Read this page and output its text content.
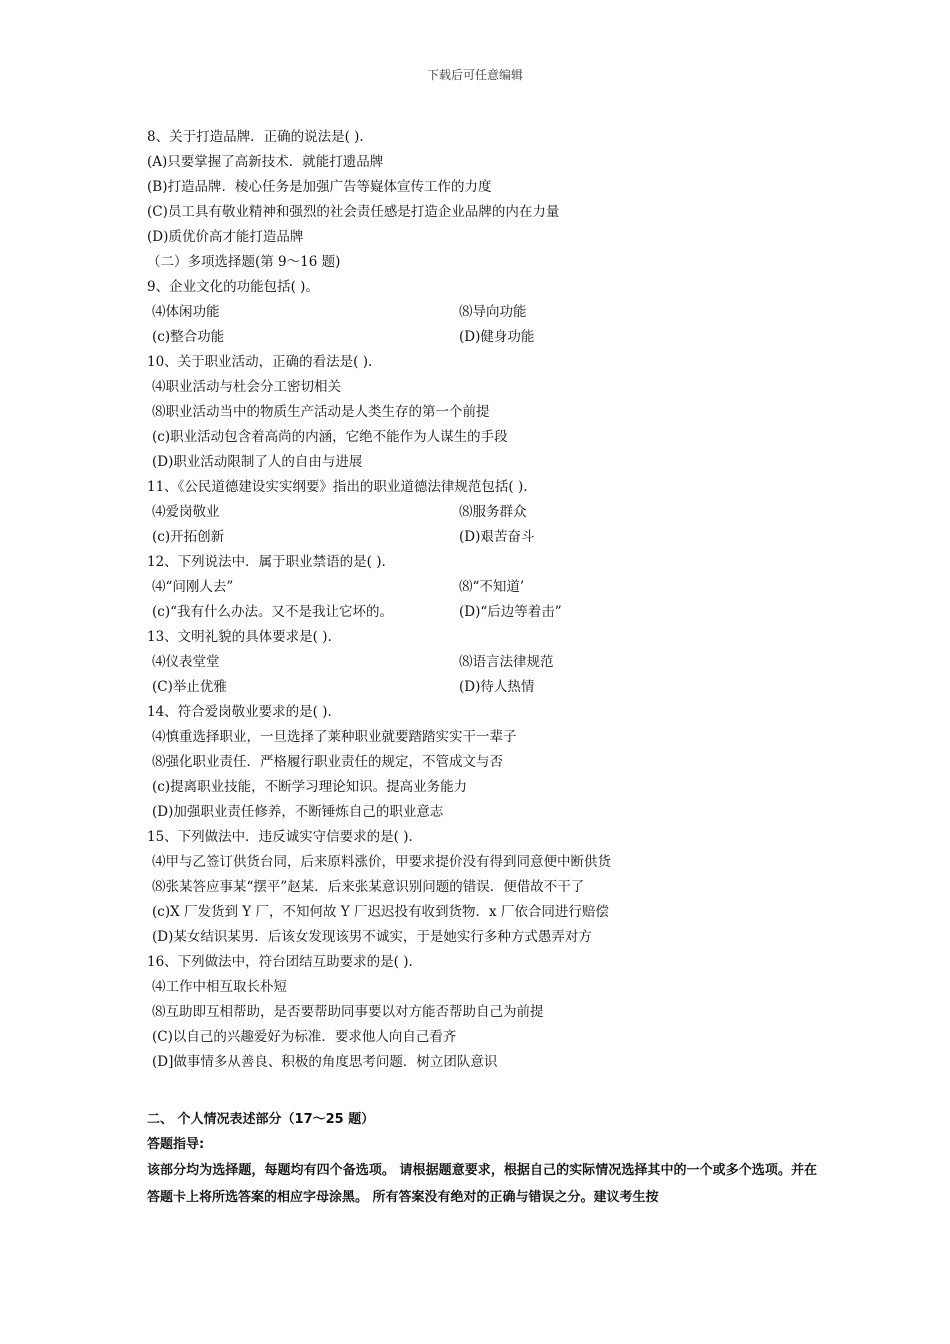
下载后可任意编辑
8、关于打造品牌．正确的说法是( ).
(A)只要掌握了高新技术．就能打遗品牌
(B)打造品牌．棱心任务是加强广告等嶷体宣传工作的力度
(C)员工具有敬业精神和强烈的社会责任感是打造企业品牌的内在力量
(D)质优价高才能打造品牌
（二）多项选择题(第 9～16 题)
9、企业文化的功能包括( )。
⑷体闲功能	⑻导向功能
(c)整合功能	(D)健身功能
10、关于职业活动，正确的看法是( ).
⑷职业活动与杜会分工密切相关
⑻职业活动当中的物质生产活动是人类生存的第一个前提
(c)职业活动包含着高尚的内涵，它绝不能作为人谋生的手段
(D)职业活动限制了人的自由与进展
11、《公民道德建设实实纲要》指出的职业道德法律规范包括( ).
⑷爱岗敬业	⑻服务群众
(c)开拓创新	(D)艰苦奋斗
12、下列说法中．属于职业禁语的是( ).
⑷“问刚人去”	⑻“不知道’
(c)“我有什么办法。又不是我让它坏的。	(D)“后边等着击”
13、文明礼貌的具体要求是( ).
⑷仪表堂堂	⑻语言法律规范
(C)举止优雅	(D)待人热情
14、符合爱岗敬业要求的是( ).
⑷慎重选择职业，一旦选择了莱种职业就要踏踏实实干一辈子
⑻强化职业责任．严格履行职业责任的规定，不管成文与否
(c)提离职业技能，不断学习理论知识。提高业务能力
(D)加强职业责任修养，不断锤炼自己的职业意志
15、下列做法中．违反诚实守信要求的是( ).
⑷甲与乙签订供货台同，后来原料涨价，甲要求提价没有得到同意便中断供货
⑻张某答应事某“摆平”赵某．后来张某意识别问题的错误．便借故不干了
(c)X 厂发货到 Y 厂，不知何故 Y 厂迟迟投有收到货物．x 厂依合同进行赔偿
(D)某女结识某男．后该女发现该男不诚实，于是她实行多种方式愚弄对方
16、下列做法中，符台团结互助要求的是( ).
⑷工作中相互取长朴短
⑻互助即互相帮助，是否要帮助同事要以对方能否帮助自己为前提
(C)以自己的兴趣爱好为标准．要求他人向自己看齐
(D]做事情多从善良、积极的角度思考问题．树立团队意识
二、 个人情况表述部分（17～25 题）
答题指导:
该部分均为选择题，每题均有四个备选项。 请根据题意要求，根据自己的实际情况选择其中的一个或多个选项。并在答题卡上将所选答案的相应字母涂黑。 所有答案没有绝对的正确与错误之分。建议考生按
